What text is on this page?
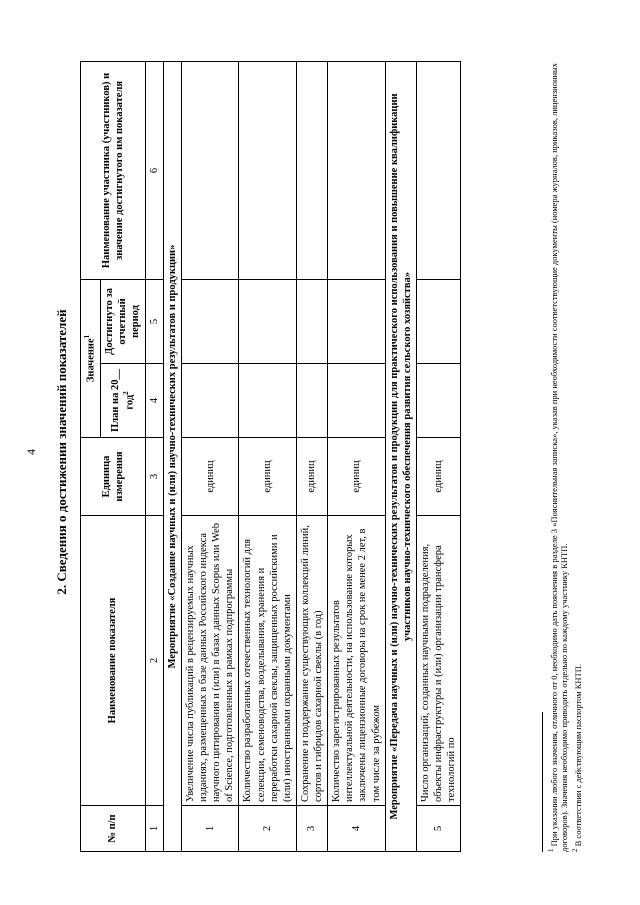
4 2. Сведения о достижении значений показателей
№ п/п	Наименование показателя	Единица измерения	Значение$^1$		Наименование участника (участников) и значение достигнутого им показателя
			План на 20__ год$^2$	Достигнуто за отчетный период	
1	2	3	4	5	6
Мероприятие «Создание научных и (или) научно-технических результатов и продукции»					
1	Увеличение числа публикаций в рецензируемых научных изданиях, размещенных в базе данных Российского индекса научного цитирования и (или) в базах данных Scopus или Web of Science, подготовленных в рамках подпрограммы	единиц			
2	Количество разработанных отечественных технологий для селекции, семеноводства, возделывания, хранения и переработки сахарной свеклы, защищенных российскими и (или) иностранными охранными документами	единиц			
3	Сохранение и поддержание существующих коллекций линий, сортов и гибридов сахарной свеклы (в год)	единиц			
4	Количество зарегистрированных результатов интеллектуальной деятельности, на использование которых заключены лицензионные договоры на срок не менее 2 лет, в том числе за рубежом	единиц			
Мероприятие «Передача научных и (или) научно-технических результатов и продукции для практического использования и повышение квалификации участников научно-технического обеспечения развития сельского хозяйства»					
5	Число организаций, созданных научными подразделения, объекты инфраструктуры и (или) организации трансфера технологий по	единиц			
$^1$ При указании любого значения, отличного от 0, необходимо дать пояснения в разделе 3 «Пояснительная записка», указав при необходимости соответствующие документы (номера журналов, приказов, лицензионных договоров). Значения необходимо приводить отдельно по каждому участнику КНТП. $^2$ В соответствии с действующим паспортом КНТП.
